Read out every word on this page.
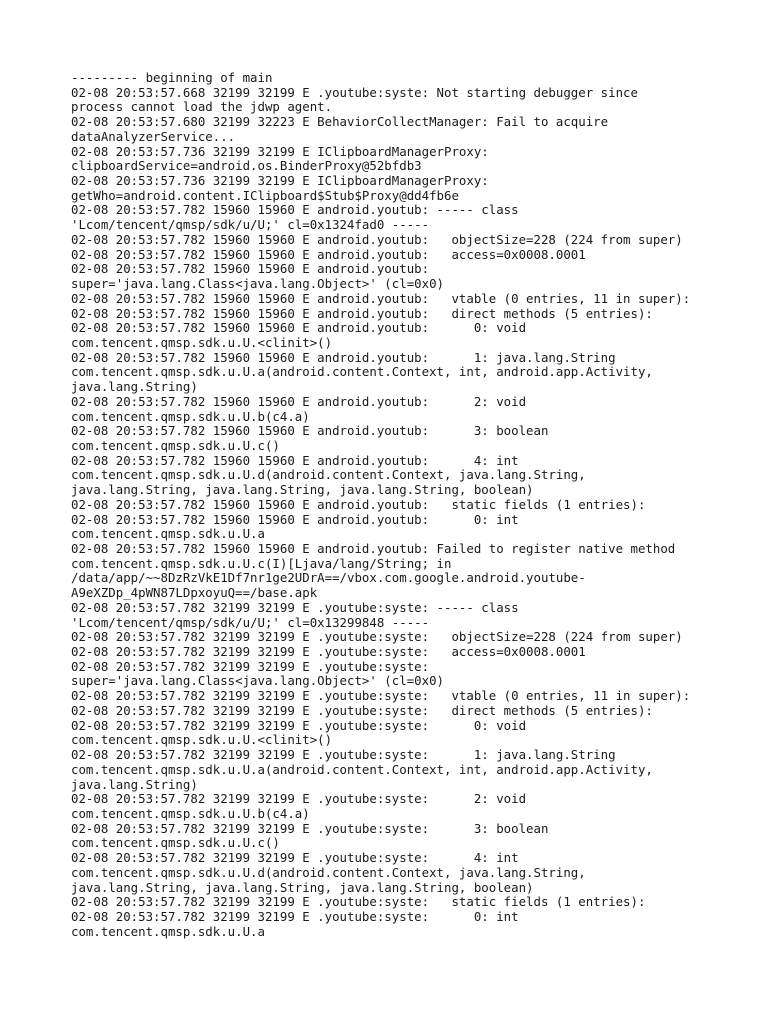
--------- beginning of main
02-08 20:53:57.668 32199 32199 E .youtube:syste: Not starting debugger since
process cannot load the jdwp agent.
02-08 20:53:57.680 32199 32223 E BehaviorCollectManager: Fail to acquire
dataAnalyzerService...
02-08 20:53:57.736 32199 32199 E IClipboardManagerProxy:
clipboardService=android.os.BinderProxy@52bfdb3
02-08 20:53:57.736 32199 32199 E IClipboardManagerProxy:
getWho=android.content.IClipboard$Stub$Proxy@dd4fb6e
02-08 20:53:57.782 15960 15960 E android.youtub: ----- class
'Lcom/tencent/qmsp/sdk/u/U;' cl=0x1324fad0 -----
02-08 20:53:57.782 15960 15960 E android.youtub:   objectSize=228 (224 from super)
02-08 20:53:57.782 15960 15960 E android.youtub:   access=0x0008.0001
02-08 20:53:57.782 15960 15960 E android.youtub:
super='java.lang.Class<java.lang.Object>' (cl=0x0)
02-08 20:53:57.782 15960 15960 E android.youtub:   vtable (0 entries, 11 in super):
02-08 20:53:57.782 15960 15960 E android.youtub:   direct methods (5 entries):
02-08 20:53:57.782 15960 15960 E android.youtub:      0: void
com.tencent.qmsp.sdk.u.U.<clinit>()
02-08 20:53:57.782 15960 15960 E android.youtub:      1: java.lang.String
com.tencent.qmsp.sdk.u.U.a(android.content.Context, int, android.app.Activity,
java.lang.String)
02-08 20:53:57.782 15960 15960 E android.youtub:      2: void
com.tencent.qmsp.sdk.u.U.b(c4.a)
02-08 20:53:57.782 15960 15960 E android.youtub:      3: boolean
com.tencent.qmsp.sdk.u.U.c()
02-08 20:53:57.782 15960 15960 E android.youtub:      4: int
com.tencent.qmsp.sdk.u.U.d(android.content.Context, java.lang.String,
java.lang.String, java.lang.String, java.lang.String, boolean)
02-08 20:53:57.782 15960 15960 E android.youtub:   static fields (1 entries):
02-08 20:53:57.782 15960 15960 E android.youtub:      0: int
com.tencent.qmsp.sdk.u.U.a
02-08 20:53:57.782 15960 15960 E android.youtub: Failed to register native method
com.tencent.qmsp.sdk.u.U.c(I)[Ljava/lang/String; in
/data/app/~~8DzRzVkE1Df7nr1ge2UDrA==/vbox.com.google.android.youtube-
A9eXZDp_4pWN87LDpxoyuQ==/base.apk
02-08 20:53:57.782 32199 32199 E .youtube:syste: ----- class
'Lcom/tencent/qmsp/sdk/u/U;' cl=0x13299848 -----
02-08 20:53:57.782 32199 32199 E .youtube:syste:   objectSize=228 (224 from super)
02-08 20:53:57.782 32199 32199 E .youtube:syste:   access=0x0008.0001
02-08 20:53:57.782 32199 32199 E .youtube:syste:
super='java.lang.Class<java.lang.Object>' (cl=0x0)
02-08 20:53:57.782 32199 32199 E .youtube:syste:   vtable (0 entries, 11 in super):
02-08 20:53:57.782 32199 32199 E .youtube:syste:   direct methods (5 entries):
02-08 20:53:57.782 32199 32199 E .youtube:syste:      0: void
com.tencent.qmsp.sdk.u.U.<clinit>()
02-08 20:53:57.782 32199 32199 E .youtube:syste:      1: java.lang.String
com.tencent.qmsp.sdk.u.U.a(android.content.Context, int, android.app.Activity,
java.lang.String)
02-08 20:53:57.782 32199 32199 E .youtube:syste:      2: void
com.tencent.qmsp.sdk.u.U.b(c4.a)
02-08 20:53:57.782 32199 32199 E .youtube:syste:      3: boolean
com.tencent.qmsp.sdk.u.U.c()
02-08 20:53:57.782 32199 32199 E .youtube:syste:      4: int
com.tencent.qmsp.sdk.u.U.d(android.content.Context, java.lang.String,
java.lang.String, java.lang.String, java.lang.String, boolean)
02-08 20:53:57.782 32199 32199 E .youtube:syste:   static fields (1 entries):
02-08 20:53:57.782 32199 32199 E .youtube:syste:      0: int
com.tencent.qmsp.sdk.u.U.a
